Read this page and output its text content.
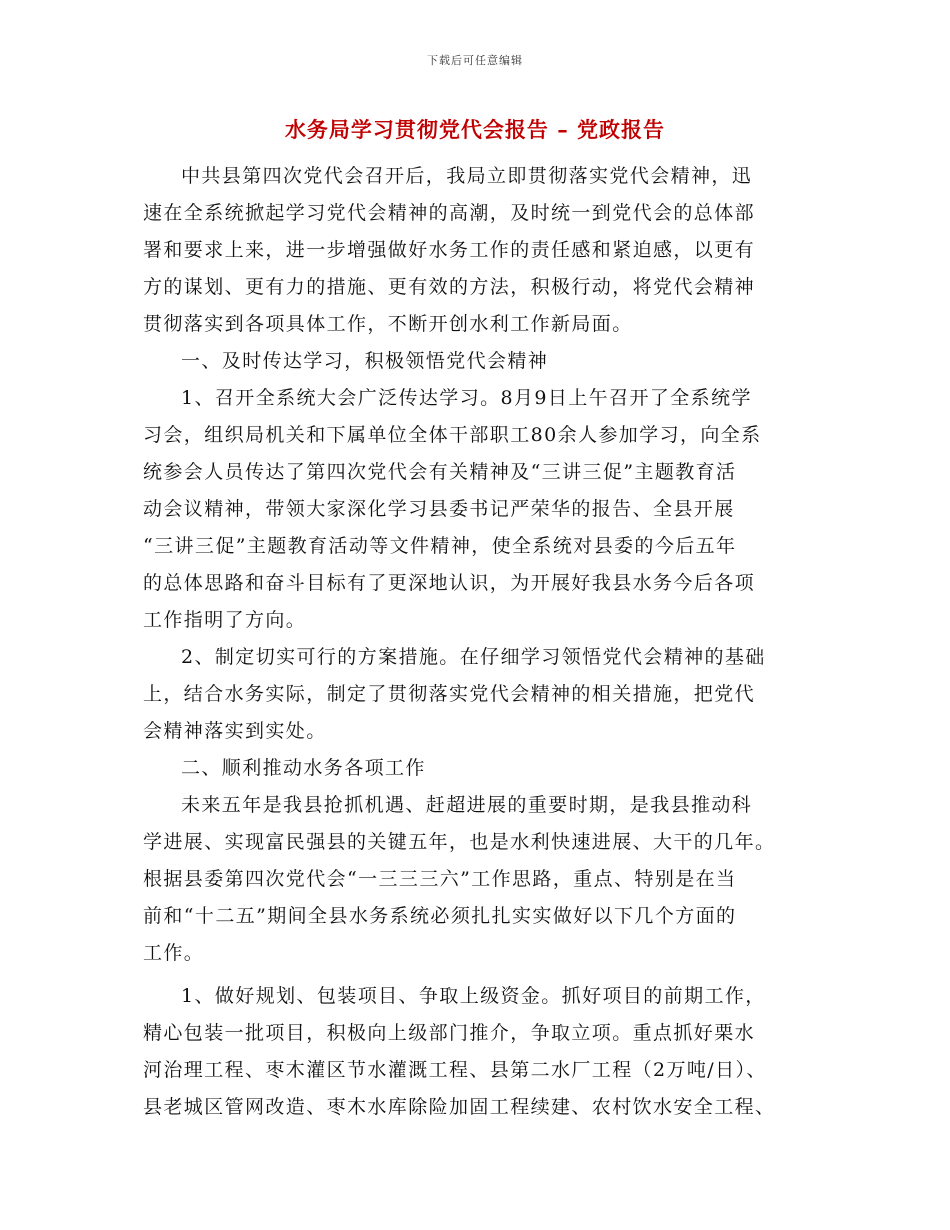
下载后可任意编辑
水务局学习贯彻党代会报告 – 党政报告
中共县第四次党代会召开后，我局立即贯彻落实党代会精神，迅
速在全系统掀起学习党代会精神的高潮，及时统一到党代会的总体部
署和要求上来，进一步增强做好水务工作的责任感和紧迫感，以更有
方的谋划、更有力的措施、更有效的方法，积极行动，将党代会精神
贯彻落实到各项具体工作，不断开创水利工作新局面。
一、及时传达学习，积极领悟党代会精神
1、召开全系统大会广泛传达学习。8月9日上午召开了全系统学
习会，组织局机关和下属单位全体干部职工80余人参加学习，向全系
统参会人员传达了第四次党代会有关精神及“三讲三促”主题教育活
动会议精神，带领大家深化学习县委书记严荣华的报告、全县开展
“三讲三促”主题教育活动等文件精神，使全系统对县委的今后五年
的总体思路和奋斗目标有了更深地认识，为开展好我县水务今后各项
工作指明了方向。
2、制定切实可行的方案措施。在仔细学习领悟党代会精神的基础
上，结合水务实际，制定了贯彻落实党代会精神的相关措施，把党代
会精神落实到实处。
二、顺利推动水务各项工作
未来五年是我县抢抓机遇、赶超进展的重要时期，是我县推动科
学进展、实现富民强县的关键五年，也是水利快速进展、大干的几年。
根据县委第四次党代会“一三三三六”工作思路，重点、特别是在当
前和“十二五”期间全县水务系统必须扎扎实实做好以下几个方面的
工作。
1、做好规划、包装项目、争取上级资金。抓好项目的前期工作，
精心包装一批项目，积极向上级部门推介，争取立项。重点抓好栗水
河治理工程、枣木灌区节水灌溉工程、县第二水厂工程（2万吨/日）、
县老城区管网改造、枣木水库除险加固工程续建、农村饮水安全工程、
